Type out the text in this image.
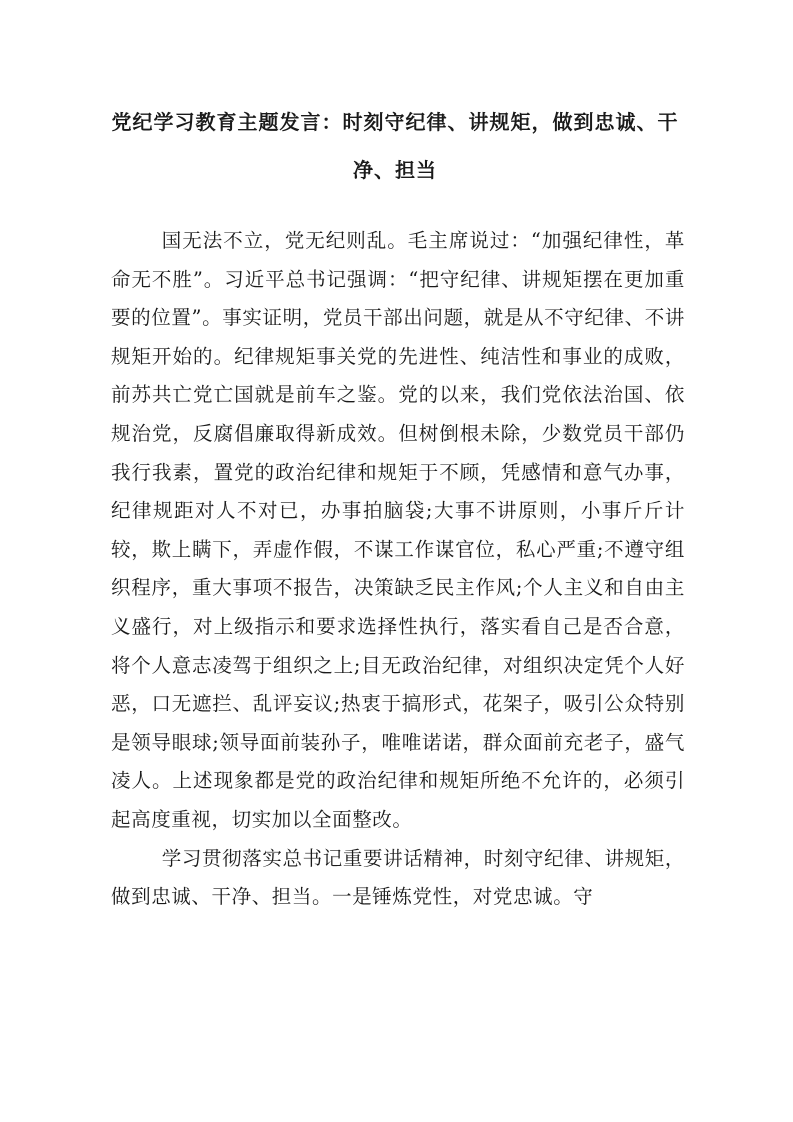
党纪学习教育主题发言：时刻守纪律、讲规矩，做到忠诚、干净、担当

国无法不立，党无纪则乱。毛主席说过：“加强纪律性，革命无不胜”。习近平总书记强调：“把守纪律、讲规矩摆在更加重要的位置”。事实证明，党员干部出问题，就是从不守纪律、不讲规矩开始的。纪律规矩事关党的先进性、纯洁性和事业的成败，前苏共亡党亡国就是前车之鉴。党的以来，我们党依法治国、依规治党，反腐倡廉取得新成效。但树倒根未除，少数党员干部仍我行我素，置党的政治纪律和规矩于不顾，凭感情和意气办事，纪律规距对人不对已，办事拍脑袋;大事不讲原则，小事斤斤计较，欺上瞒下，弄虚作假，不谋工作谋官位，私心严重;不遵守组织程序，重大事项不报告，决策缺乏民主作风;个人主义和自由主义盛行，对上级指示和要求选择性执行，落实看自己是否合意，将个人意志凌驾于组织之上;目无政治纪律，对组织决定凭个人好恶，口无遮拦、乱评妄议;热衷于搞形式，花架子，吸引公众特别是领导眼球;领导面前装孙子，唯唯诺诺，群众面前充老子，盛气凌人。上述现象都是党的政治纪律和规矩所绝不允许的，必须引起高度重视，切实加以全面整改。

学习贯彻落实总书记重要讲话精神，时刻守纪律、讲规矩，做到忠诚、干净、担当。一是锤炼党性，对党忠诚。守
